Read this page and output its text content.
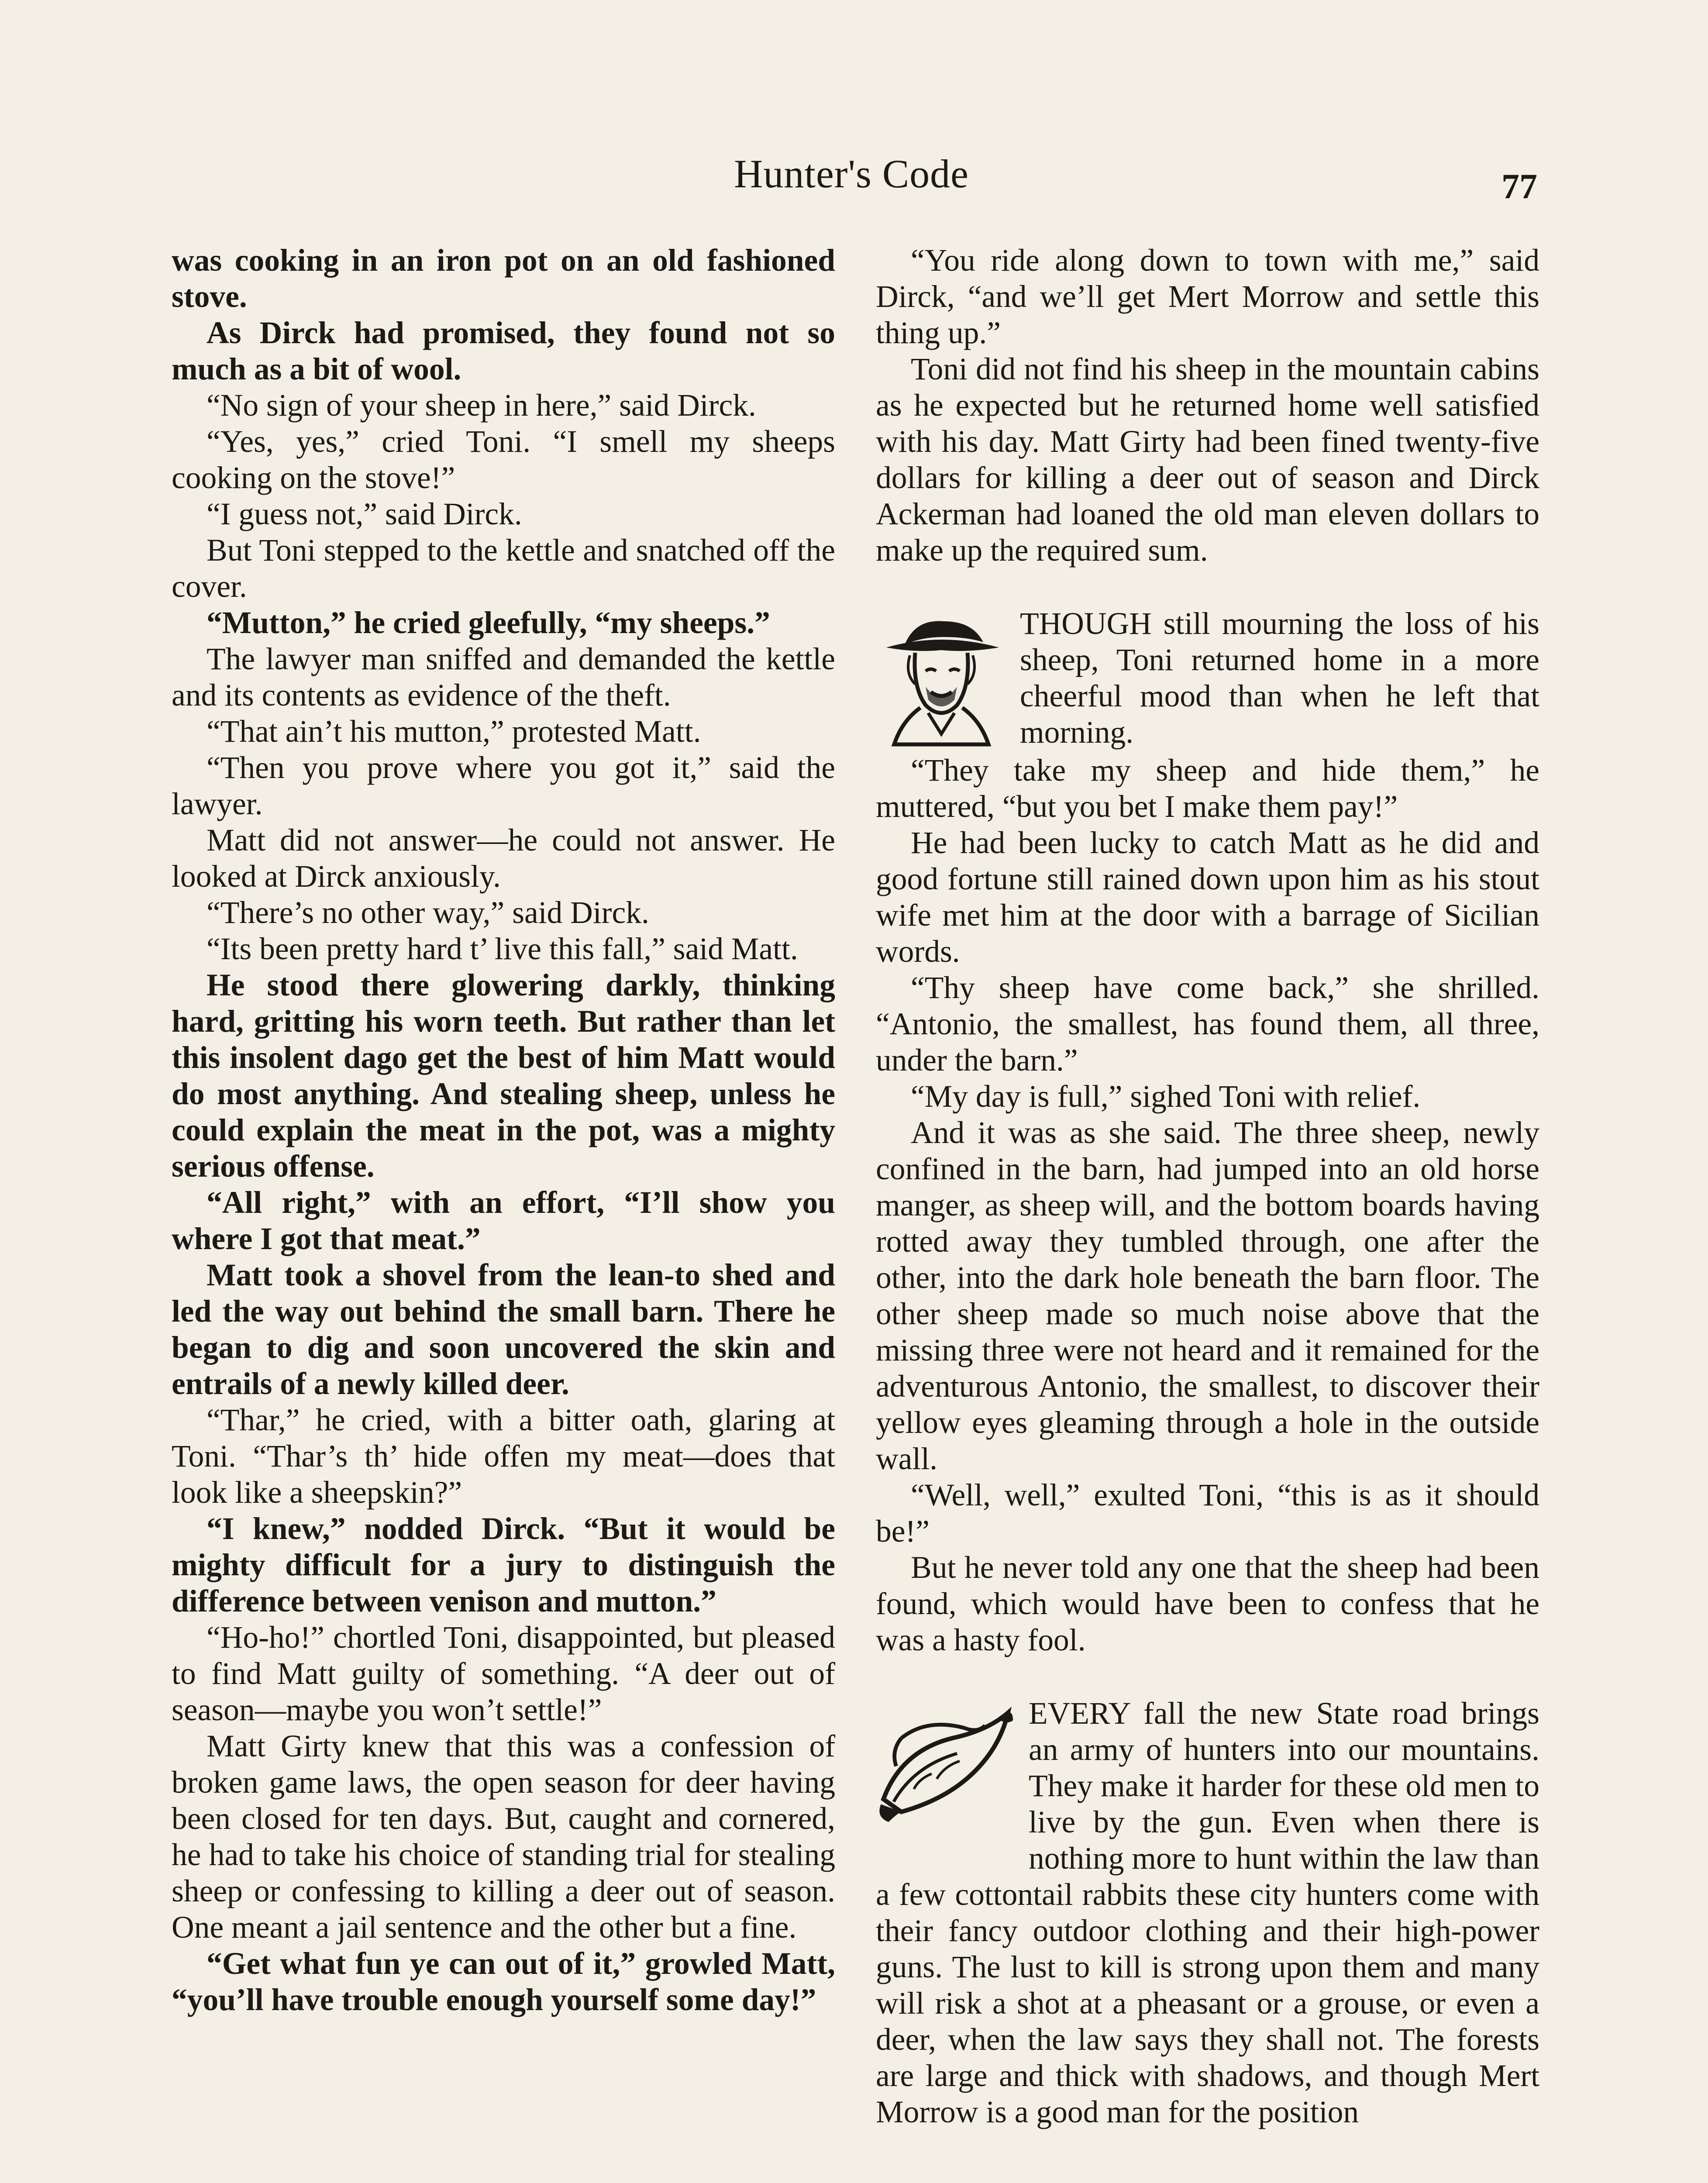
Hunter's Code	77

was cooking in an iron pot on an old fashioned stove.

As Dirck had promised, they found not so much as a bit of wool.

“No sign of your sheep in here,” said Dirck.

“Yes, yes,” cried Toni. “I smell my sheeps cooking on the stove!”

“I guess not,” said Dirck.

But Toni stepped to the kettle and snatched off the cover.

“Mutton,” he cried gleefully, “my sheeps.”

The lawyer man sniffed and demanded the kettle and its contents as evidence of the theft.

“That ain’t his mutton,” protested Matt.

“Then you prove where you got it,” said the lawyer.

Matt did not answer—he could not answer. He looked at Dirck anxiously.

“There’s no other way,” said Dirck.

“Its been pretty hard t’ live this fall,” said Matt.

He stood there glowering darkly, thinking hard, gritting his worn teeth. But rather than let this insolent dago get the best of him Matt would do most anything. And stealing sheep, unless he could explain the meat in the pot, was a mighty serious offense.

“All right,” with an effort, “I’ll show you where I got that meat.”

Matt took a shovel from the lean-to shed and led the way out behind the small barn. There he began to dig and soon uncovered the skin and entrails of a newly killed deer.

“Thar,” he cried, with a bitter oath, glaring at Toni. “Thar’s th’ hide offen my meat—does that look like a sheepskin?”

“I knew,” nodded Dirck. “But it would be mighty difficult for a jury to distinguish the difference between venison and mutton.”

“Ho-ho!” chortled Toni, disappointed, but pleased to find Matt guilty of something. “A deer out of season—maybe you won’t settle!”

Matt Girty knew that this was a confession of broken game laws, the open season for deer having been closed for ten days. But, caught and cornered, he had to take his choice of standing trial for stealing sheep or confessing to killing a deer out of season. One meant a jail sentence and the other but a fine.

“Get what fun ye can out of it,” growled Matt, “you’ll have trouble enough yourself some day!”

“You ride along down to town with me,” said Dirck, “and we’ll get Mert Morrow and settle this thing up.”

Toni did not find his sheep in the mountain cabins as he expected but he returned home well satisfied with his day. Matt Girty had been fined twenty-five dollars for killing a deer out of season and Dirck Ackerman had loaned the old man eleven dollars to make up the required sum.

THOUGH still mourning the loss of his sheep, Toni returned home in a more cheerful mood than when he left that morning.

“They take my sheep and hide them,” he muttered, “but you bet I make them pay!”

He had been lucky to catch Matt as he did and good fortune still rained down upon him as his stout wife met him at the door with a barrage of Sicilian words.

“Thy sheep have come back,” she shrilled. “Antonio, the smallest, has found them, all three, under the barn.”

“My day is full,” sighed Toni with relief.

And it was as she said. The three sheep, newly confined in the barn, had jumped into an old horse manger, as sheep will, and the bottom boards having rotted away they tumbled through, one after the other, into the dark hole beneath the barn floor. The other sheep made so much noise above that the missing three were not heard and it remained for the adventurous Antonio, the smallest, to discover their yellow eyes gleaming through a hole in the outside wall.

“Well, well,” exulted Toni, “this is as it should be!”

But he never told any one that the sheep had been found, which would have been to confess that he was a hasty fool.

EVERY fall the new State road brings an army of hunters into our mountains. They make it harder for these old men to live by the gun. Even when there is nothing more to hunt within the law than a few cottontail rabbits these city hunters come with their fancy outdoor clothing and their high-power guns. The lust to kill is strong upon them and many will risk a shot at a pheasant or a grouse, or even a deer, when the law says they shall not. The forests are large and thick with shadows, and though Mert Morrow is a good man for the position
